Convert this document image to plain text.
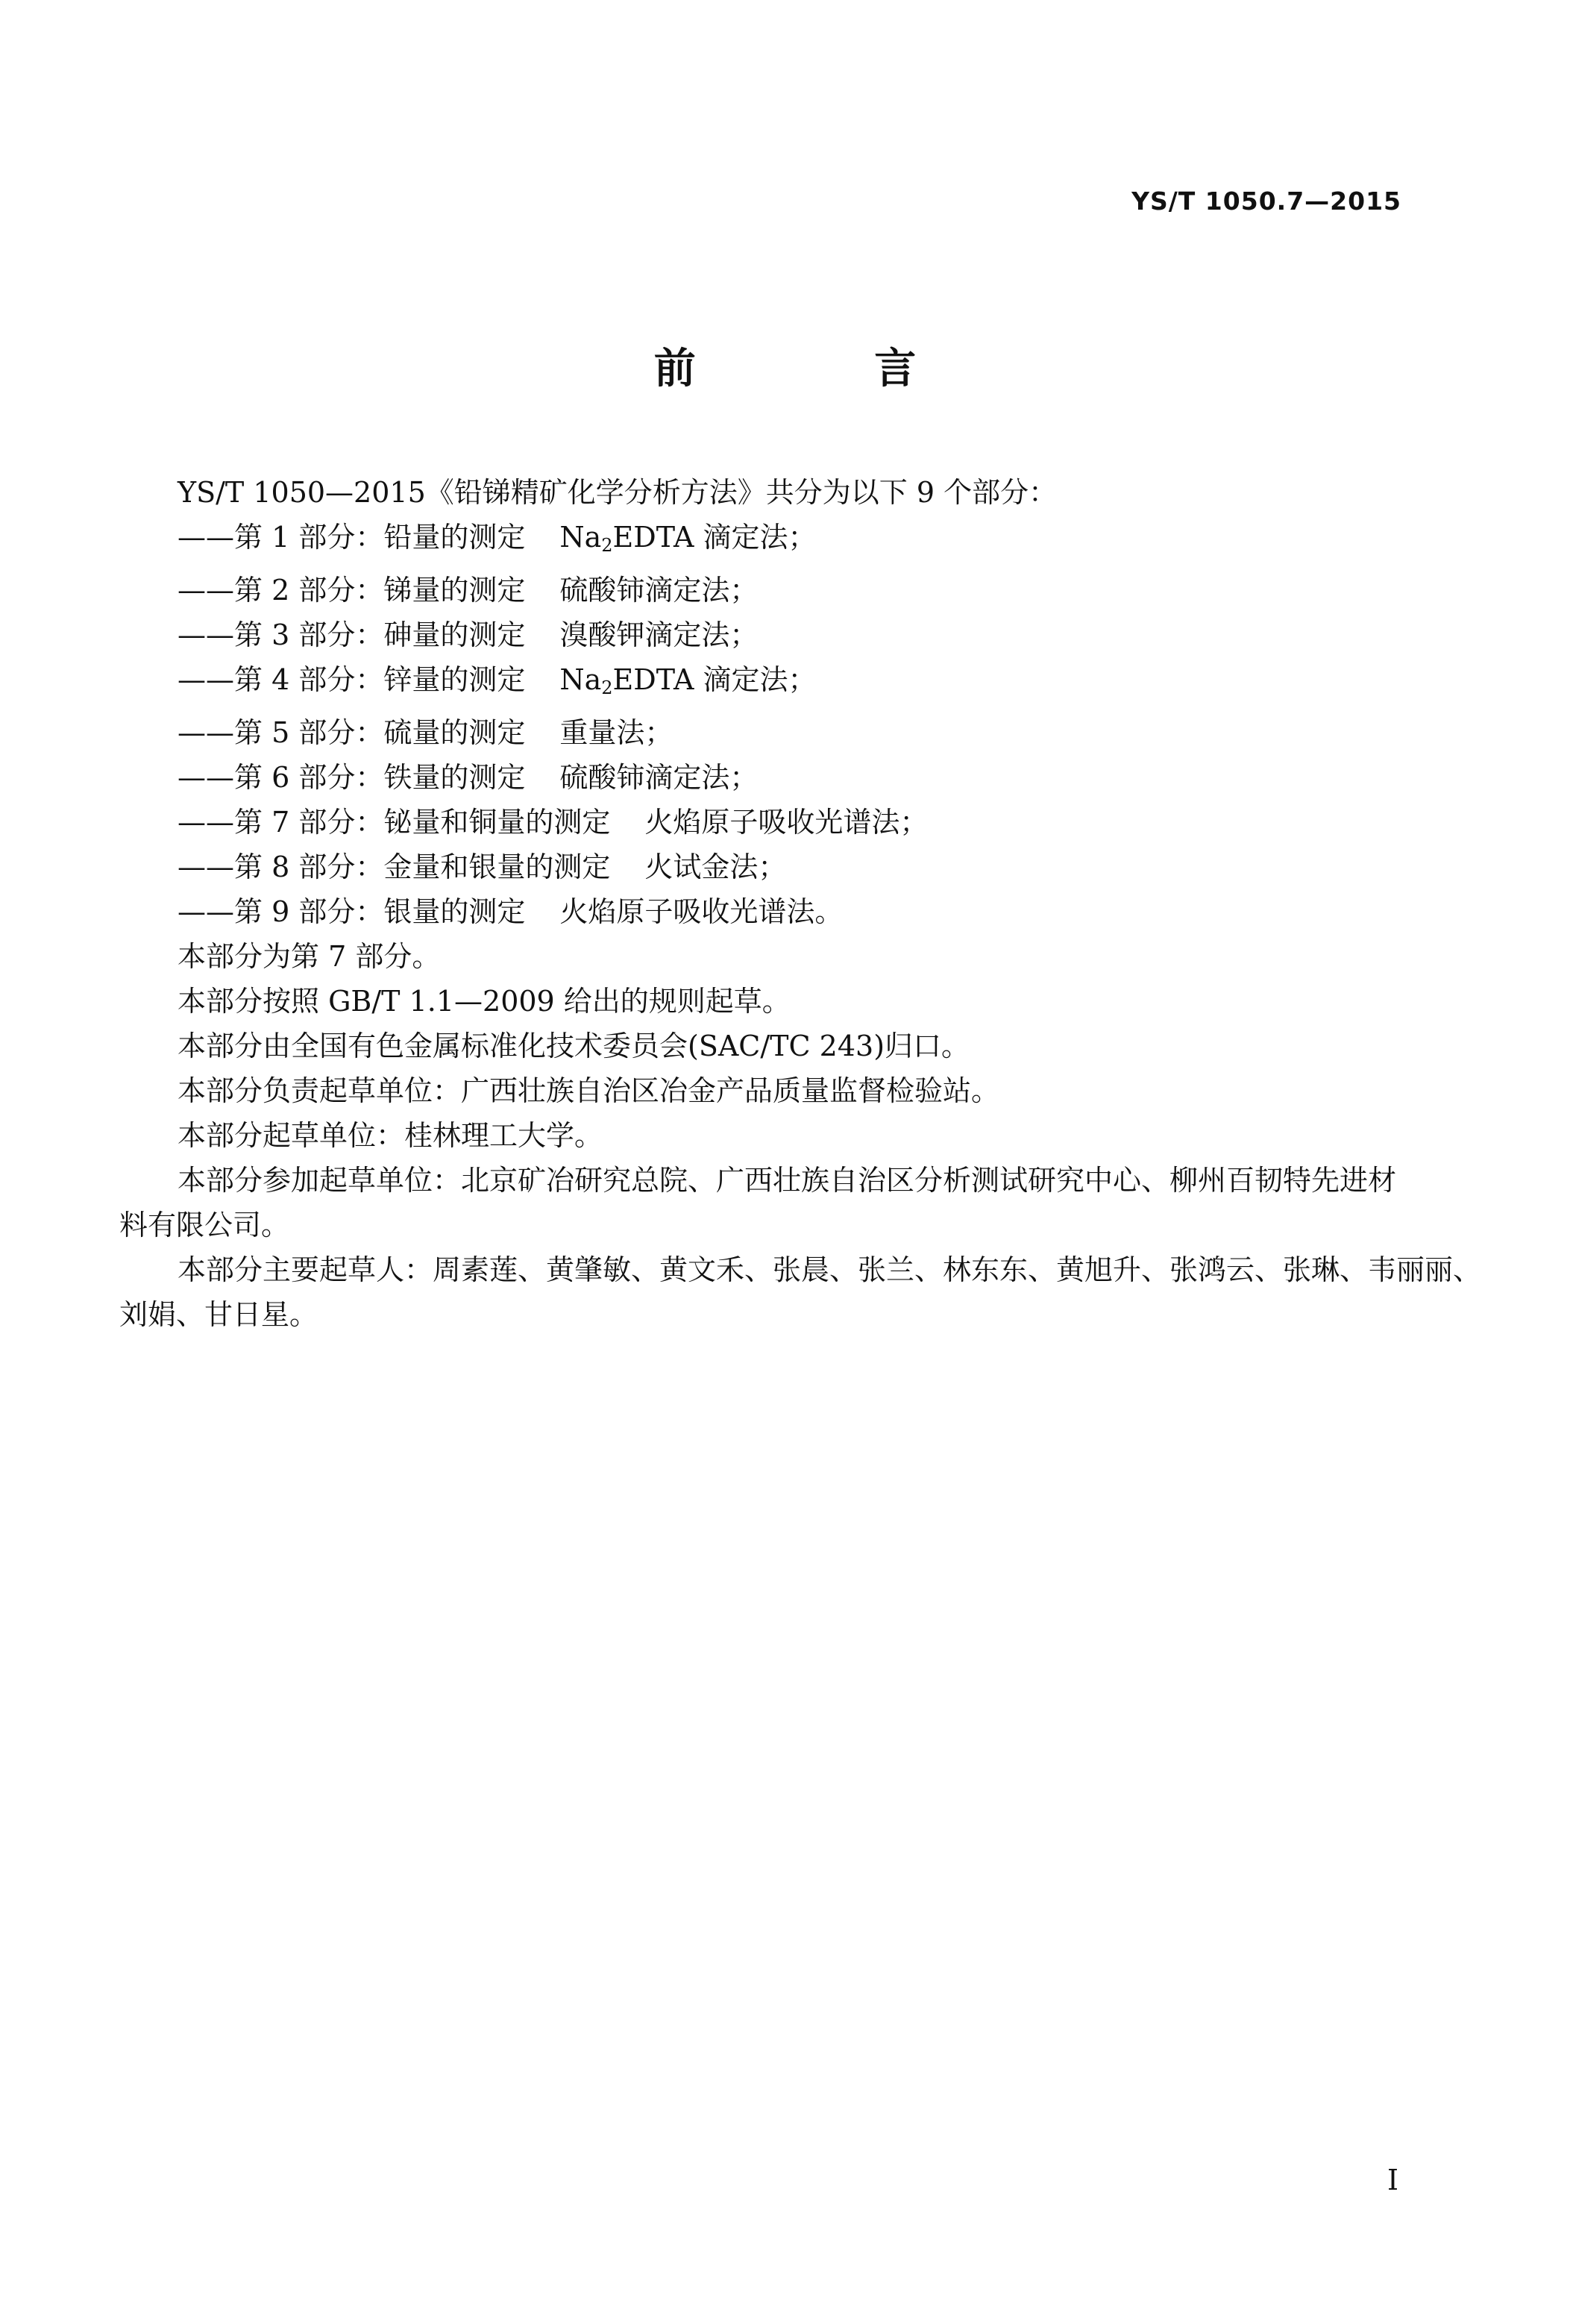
YS/T 1050.7—2015
前 言
YS/T 1050—2015《铅锑精矿化学分析方法》共分为以下 9 个部分：
——第 1 部分：铅量的测定 $Na_2EDTA$ 滴定法；
——第 2 部分：锑量的测定 硫酸铈滴定法；
——第 3 部分：砷量的测定 溴酸钾滴定法；
——第 4 部分：锌量的测定 $Na_2EDTA$ 滴定法；
——第 5 部分：硫量的测定 重量法；
——第 6 部分：铁量的测定 硫酸铈滴定法；
——第 7 部分：铋量和铜量的测定 火焰原子吸收光谱法；
——第 8 部分：金量和银量的测定 火试金法；
——第 9 部分：银量的测定 火焰原子吸收光谱法。
本部分为第 7 部分。
本部分按照 GB/T 1.1—2009 给出的规则起草。
本部分由全国有色金属标准化技术委员会(SAC/TC 243)归口。
本部分负责起草单位：广西壮族自治区冶金产品质量监督检验站。
本部分起草单位：桂林理工大学。
本部分参加起草单位：北京矿冶研究总院、广西壮族自治区分析测试研究中心、柳州百韧特先进材
料有限公司。
本部分主要起草人：周素莲、黄肇敏、黄文禾、张晨、张兰、林东东、黄旭升、张鸿云、张琳、韦丽丽、
刘娟、甘日星。
I
